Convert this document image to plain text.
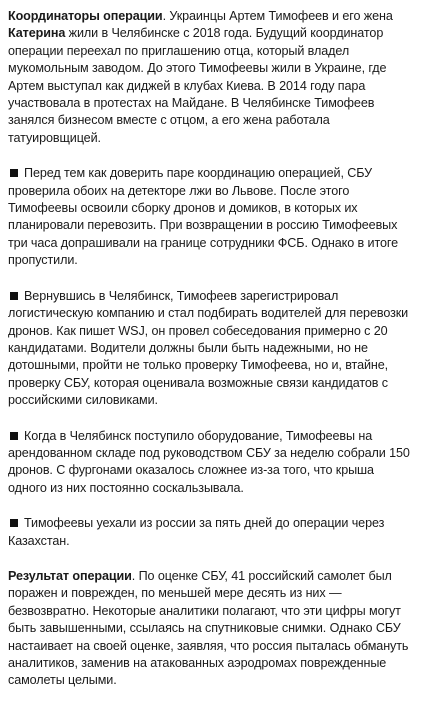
Координаторы операции. Украинцы Артем Тимофеев и его жена Катерина жили в Челябинске с 2018 года. Будущий координатор операции переехал по приглашению отца, который владел мукомольным заводом. До этого Тимофеевы жили в Украине, где Артем выступал как диджей в клубах Киева. В 2014 году пара участвовала в протестах на Майдане. В Челябинске Тимофеев занялся бизнесом вместе с отцом, а его жена работала татуировщицей.

Перед тем как доверить паре координацию операцией, СБУ проверила обоих на детекторе лжи во Львове. После этого Тимофеевы освоили сборку дронов и домиков, в которых их планировали перевозить. При возвращении в россию Тимофеевых три часа допрашивали на границе сотрудники ФСБ. Однако в итоге пропустили.

Вернувшись в Челябинск, Тимофеев зарегистрировал логистическую компанию и стал подбирать водителей для перевозки дронов. Как пишет WSJ, он провел собеседования примерно с 20 кандидатами. Водители должны были быть надежными, но не дотошными, пройти не только проверку Тимофеева, но и, втайне, проверку СБУ, которая оценивала возможные связи кандидатов с российскими силовиками.

Когда в Челябинск поступило оборудование, Тимофеевы на арендованном складе под руководством СБУ за неделю собрали 150 дронов. С фургонами оказалось сложнее из-за того, что крыша одного из них постоянно соскальзывала.

Тимофеевы уехали из россии за пять дней до операции через Казахстан.

Результат операции. По оценке СБУ, 41 российский самолет был поражен и поврежден, по меньшей мере десять из них — безвозвратно. Некоторые аналитики полагают, что эти цифры могут быть завышенными, ссылаясь на спутниковые снимки. Однако СБУ настаивает на своей оценке, заявляя, что россия пыталась обмануть аналитиков, заменив на атакованных аэродромах поврежденные самолеты целыми.
